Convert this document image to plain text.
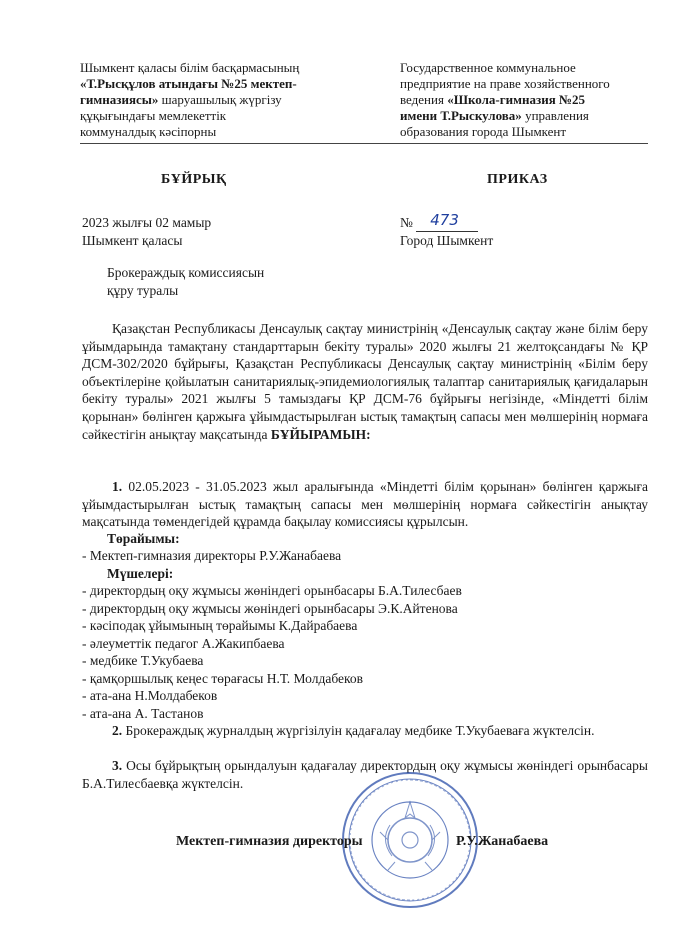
Шымкент қаласы білім басқармасының
«Т.Рысқұлов атындағы №25 мектеп-
гимназиясы» шаруашылық жүргізу
құқығындағы мемлекеттік
коммуналдық кәсіпорны
Государственное коммунальное
предприятие на праве хозяйственного
ведения «Школа-гимназия №25
имени Т.Рыскулова» управления
образования города Шымкент
БҰЙРЫҚ	ПРИКАЗ
2023 жылғы 02 мамыр
Шымкент қаласы
№ 473
Город Шымкент
Брокераждық комиссиясын
құру туралы
Қазақстан Республикасы Денсаулық сақтау министрінің «Денсаулық сақтау және білім беру ұйымдарында тамақтану стандарттарын бекіту туралы» 2020 жылғы 21 желтоқсандағы № ҚР ДСМ-302/2020 бұйрығы, Қазақстан Республикасы Денсаулық сақтау министрінің «Білім беру объектілеріне қойылатын санитариялық-эпидемиологиялық талаптар санитариялық қағидаларын бекіту туралы» 2021 жылғы 5 тамыздағы ҚР ДСМ-76 бұйрығы негізінде, «Міндетті білім қорынан» бөлінген қаржыға ұйымдастырылған ыстық тамақтың сапасы мен мөлшерінің нормаға сәйкестігін анықтау мақсатында БҰЙЫРАМЫН:
1. 02.05.2023 - 31.05.2023 жыл аралығында «Міндетті білім қорынан» бөлінген қаржыға ұйымдастырылған ыстық тамақтың сапасы мен мөлшерінің нормаға сәйкестігін анықтау мақсатында төмендегідей құрамда бақылау комиссиясы құрылсын.
Төрайымы:
- Мектеп-гимназия директоры Р.У.Жанабаева
Мүшелері:
- директордың оқу жұмысы жөніндегі орынбасары Б.А.Тилесбаев
- директордың оқу жұмысы жөніндегі орынбасары Э.К.Айтенова
- кәсіподақ ұйымының төрайымы К.Дайрабаева
- әлеуметтік педагог А.Жакипбаева
- медбике Т.Укубаева
- қамқоршылық кеңес төрағасы Н.Т. Молдабеков
- ата-ана Н.Молдабеков
- ата-ана А. Тастанов
2. Брокераждық журналдың жүргізілуін қадағалау медбике Т.Укубаеваға жүктелсін.
3. Осы бұйрықтың орындалуын қадағалау директордың оқу жұмысы жөніндегі орынбасары Б.А.Тилесбаевқа жүктелсін.
Мектеп-гимназия директоры	Р.У.Жанабаева
